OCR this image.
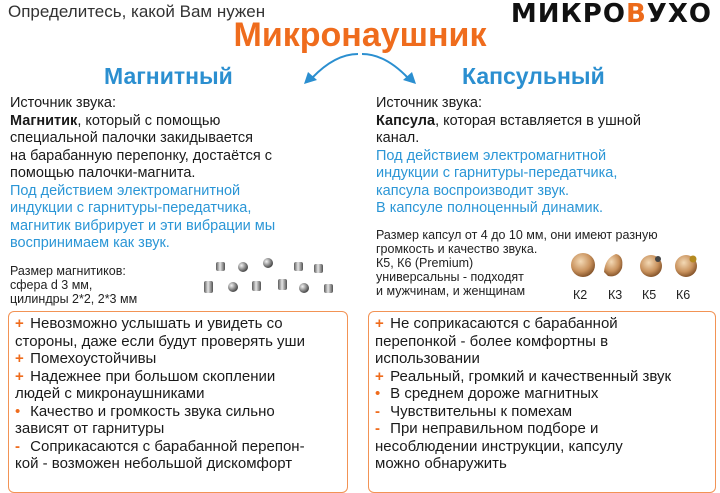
Определитесь, какой Вам нужен	МИКРОВУХО
Микронаушник
Магнитный	Капсульный
Источник звука:
Магнитик, который с помощью
специальной палочки закидывается
на барабанную перепонку, достаётся с
помощью палочки-магнита.
Под действием электромагнитной
индукции с гарнитуры-передатчика,
магнитик вибрирует и эти вибрации мы
воспринимаем как звук.
Размер магнитиков:
сфера d 3 мм,
цилиндры 2*2, 2*3 мм
+ Невозможно услышать и увидеть со
стороны, даже если будут проверять уши
+ Помехоустойчивы
+ Надежнее при большом скоплении
людей с микронаушниками
• Качество и громкость звука сильно
зависят от гарнитуры
- Соприкасаются с барабанной перепон-
кой - возможен небольшой дискомфорт
Источник звука:
Капсула, которая вставляется в ушной
канал.
Под действием электромагнитной
индукции с гарнитуры-передатчика,
капсула воспроизводит звук.
В капсуле полноценный динамик.
Размер капсул от 4 до 10 мм, они имеют разную
громкость и качество звука.
К5, К6 (Premium)
универсальны - подходят
и мужчинам, и женщинам	К2 К3 К5 К6
+ Не соприкасаются с барабанной
перепонкой - более комфортны в
использовании
+ Реальный, громкий и качественный звук
• В среднем дороже магнитных
- Чувствительны к помехам
- При неправильном подборе и
несоблюдении инструкции, капсулу
можно обнаружить
